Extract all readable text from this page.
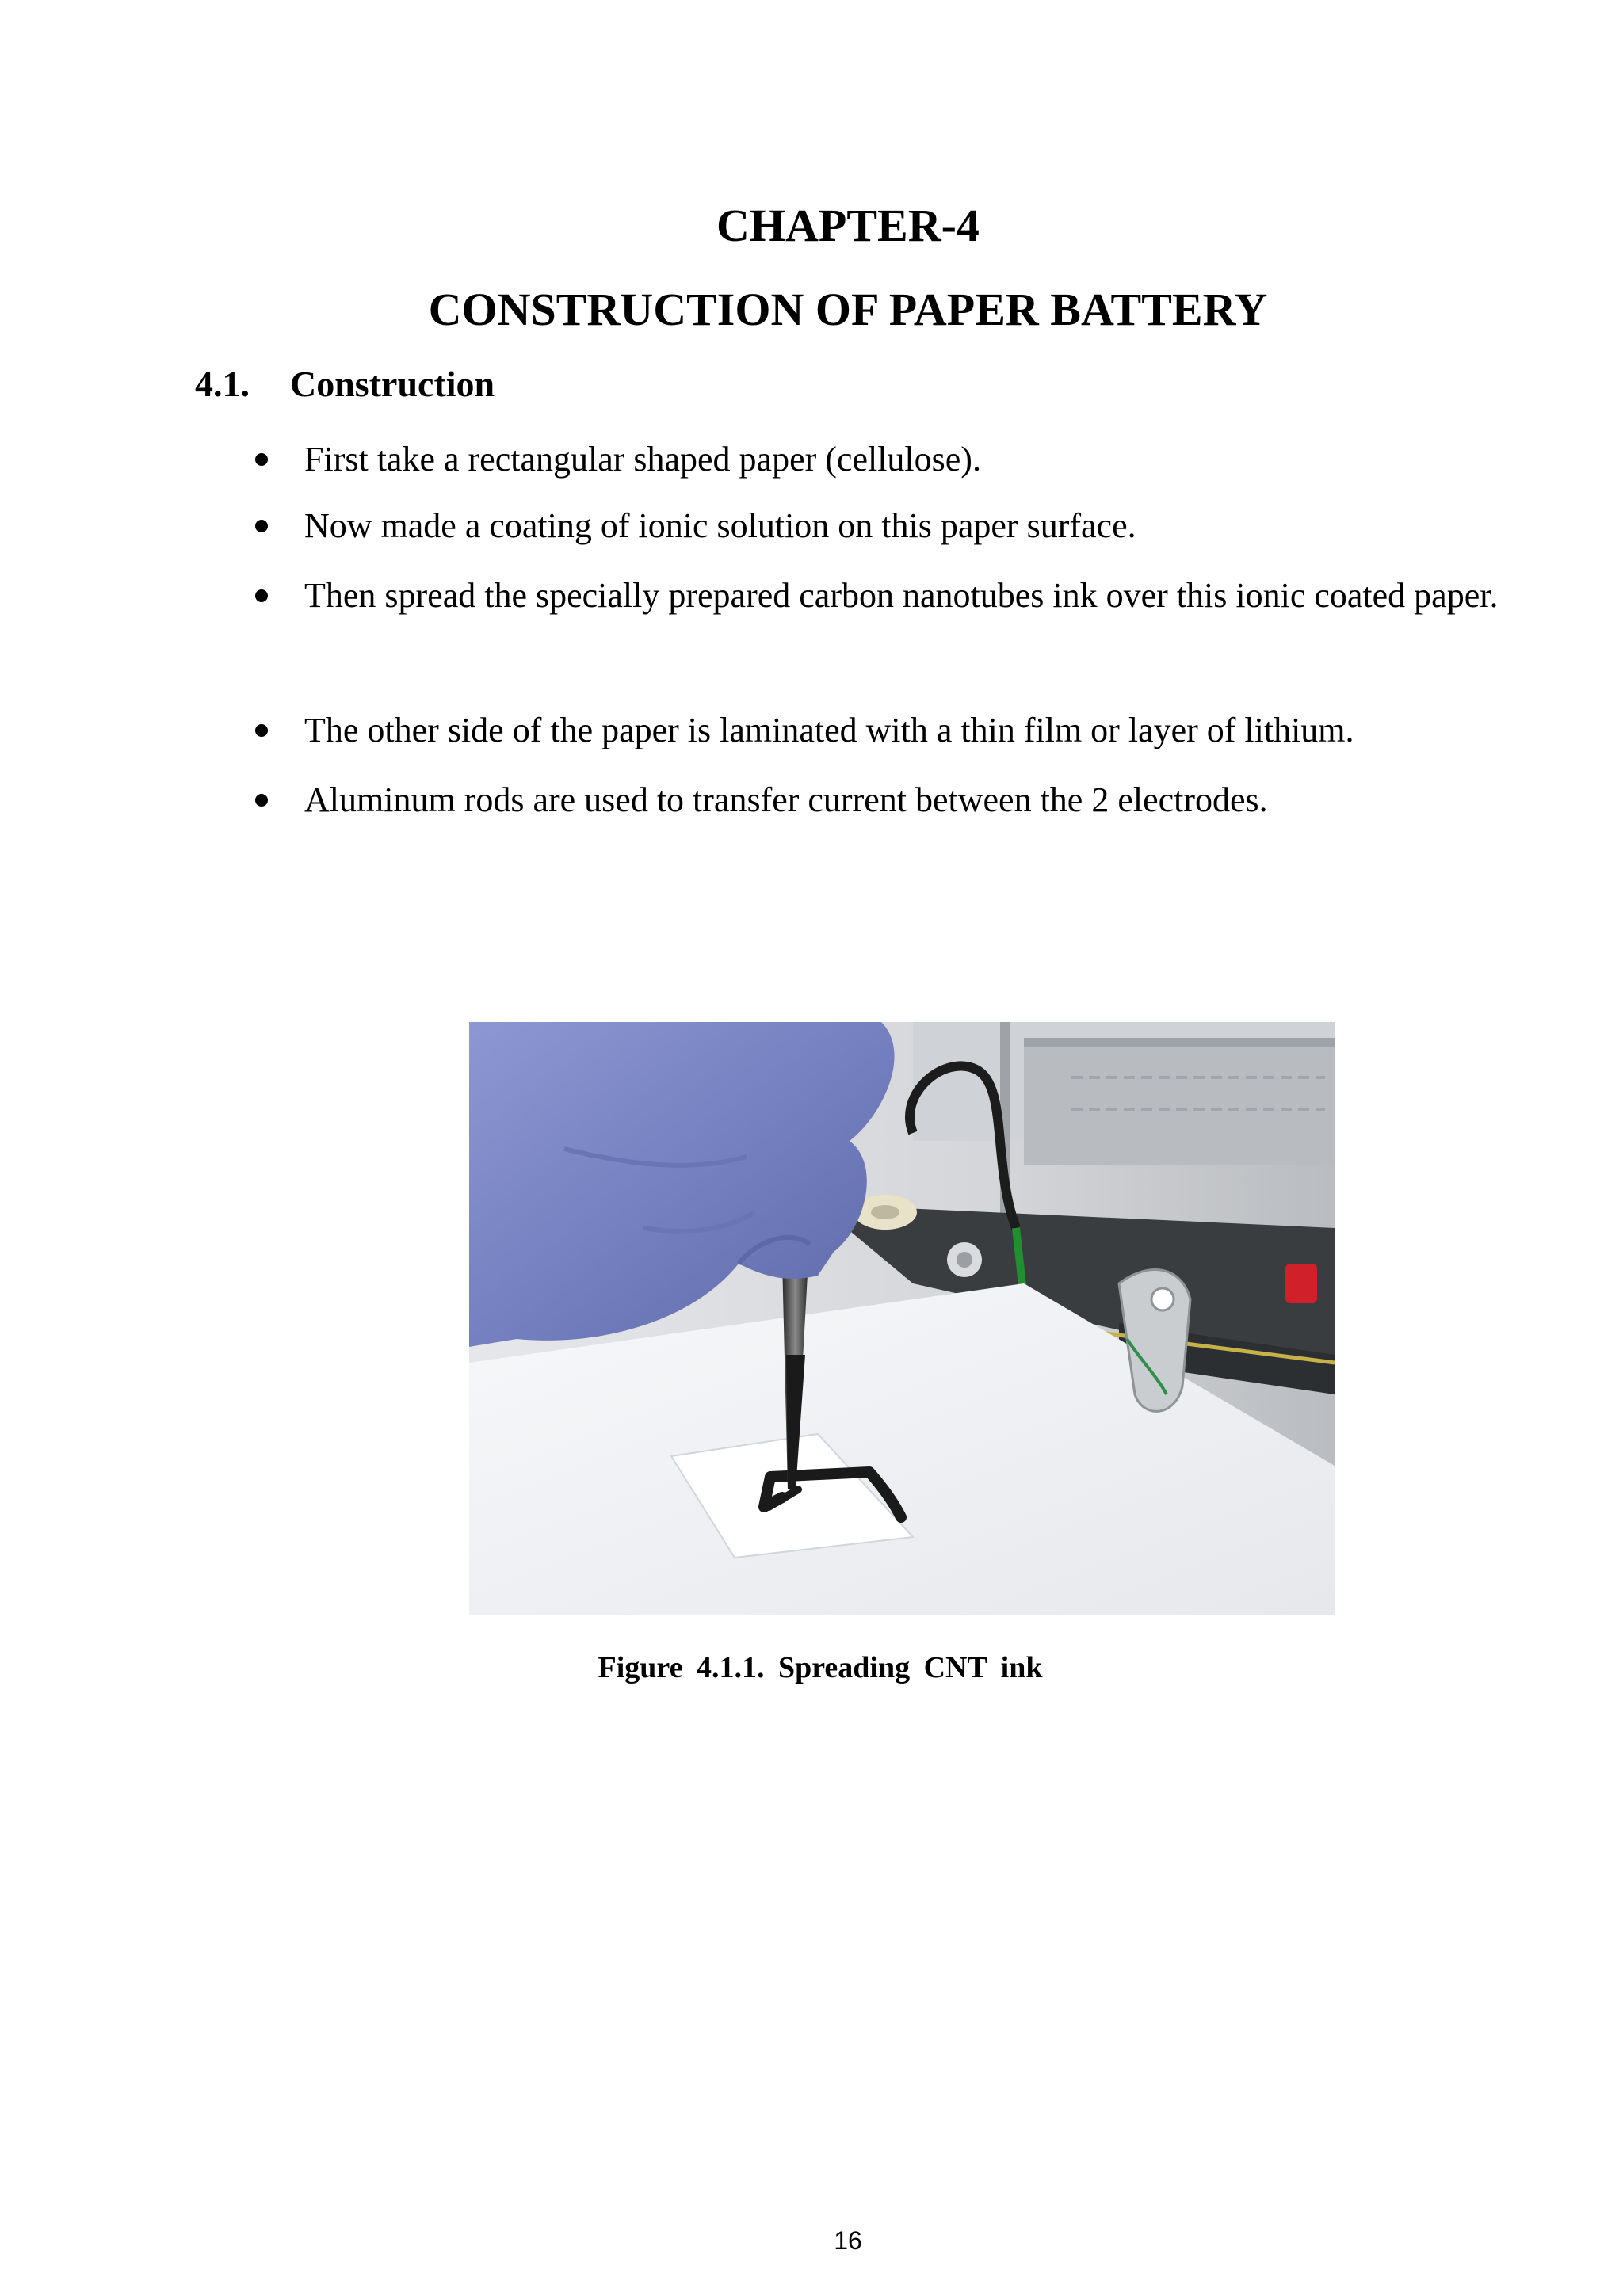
CHAPTER-4
CONSTRUCTION OF PAPER BATTERY
4.1. Construction
First take a rectangular shaped paper (cellulose).
Now made a coating of ionic solution on this paper surface.
Then spread the specially prepared carbon nanotubes ink over this ionic coated paper.
The other side of the paper is laminated with a thin film or layer of lithium.
Aluminum rods are used to transfer current between the 2 electrodes.
Figure 4.1.1. Spreading CNT ink
16
